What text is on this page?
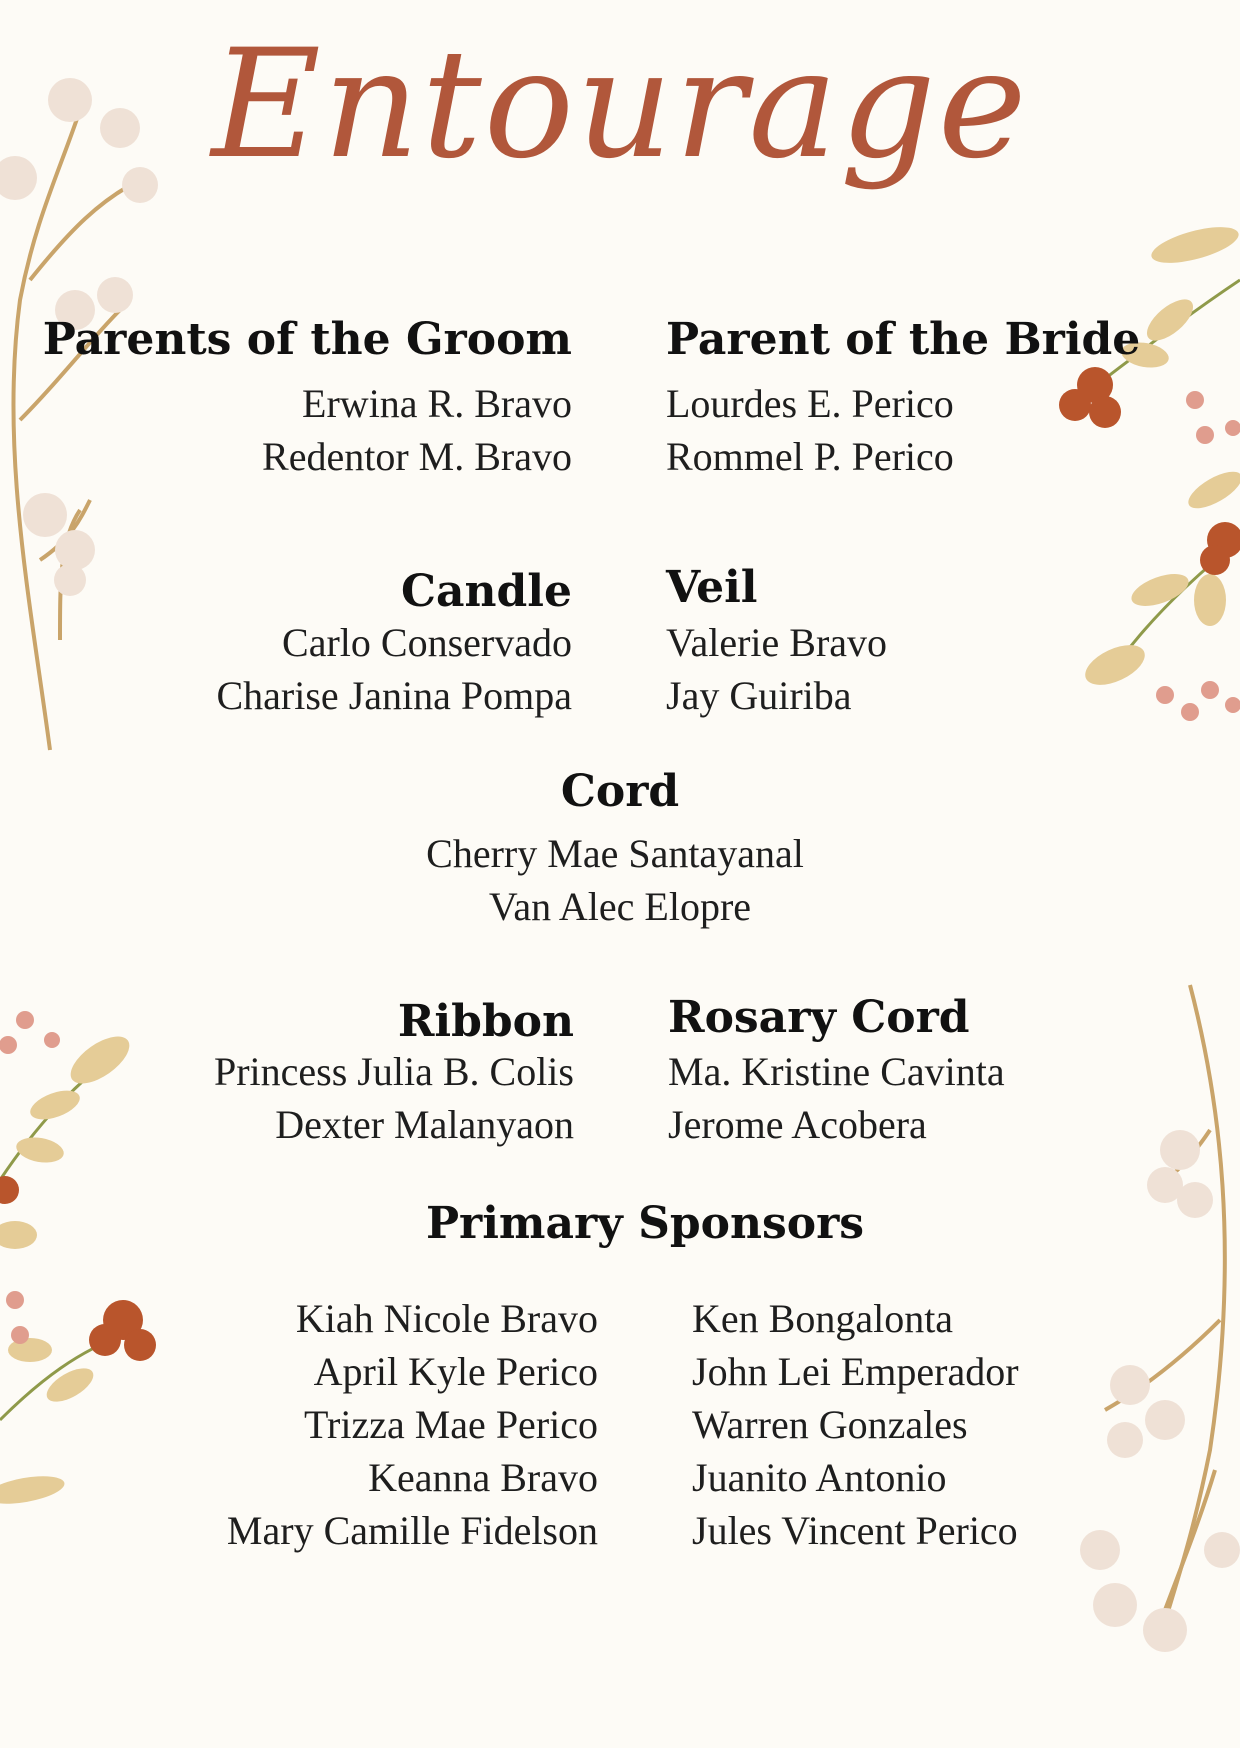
Entourage
Parents of the Groom
Erwina R. Bravo
Redentor M. Bravo
Parent of the Bride
Lourdes E. Perico
Rommel P. Perico
Candle
Carlo Conservado
Charise Janina Pompa
Veil
Valerie Bravo
Jay Guiriba
Cord
Cherry Mae Santayanal
Van Alec Elopre
Ribbon
Princess Julia B. Colis
Dexter Malanyaon
Rosary Cord
Ma. Kristine Cavinta
Jerome Acobera
Primary Sponsors
Kiah Nicole Bravo
April Kyle Perico
Trizza Mae Perico
Keanna Bravo
Mary Camille Fidelson
Ken Bongalonta
John Lei Emperador
Warren Gonzales
Juanito Antonio
Jules Vincent Perico
